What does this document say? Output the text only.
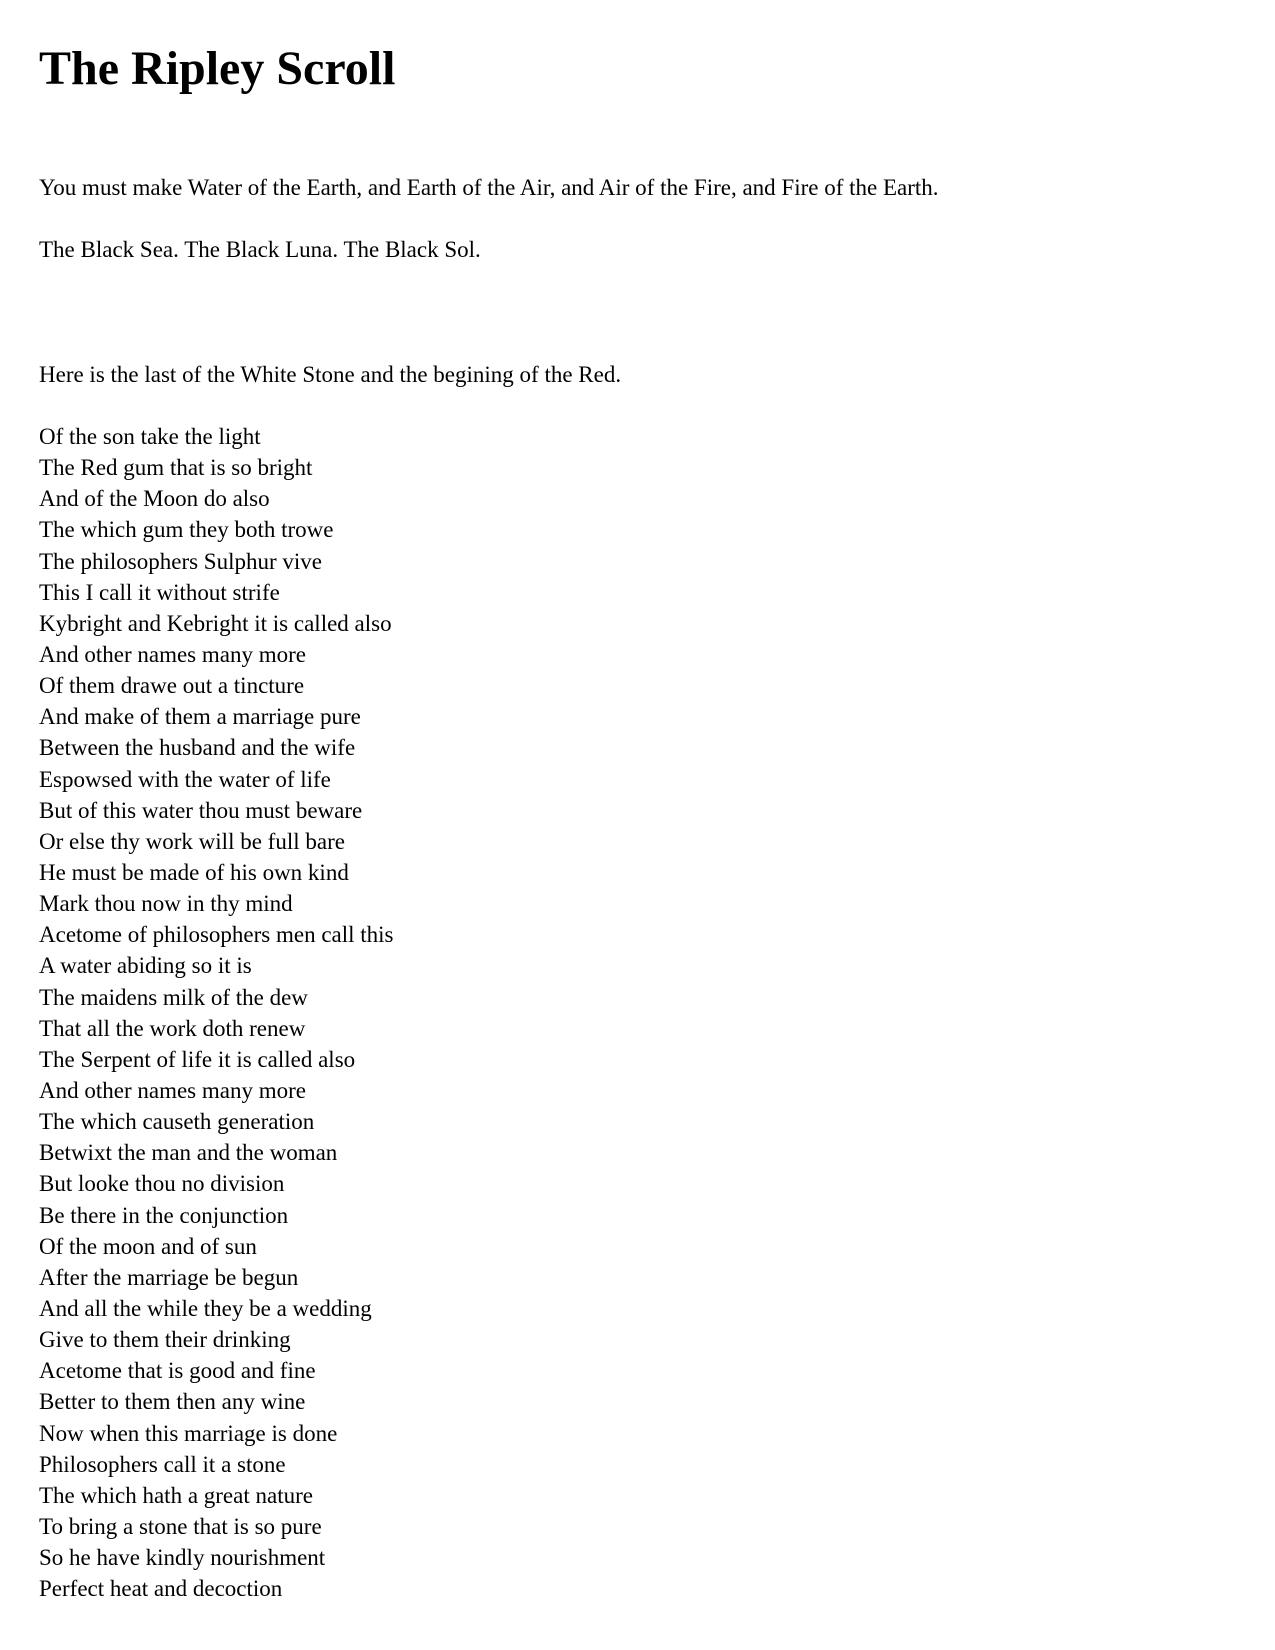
The Ripley Scroll

You must make Water of the Earth, and Earth of the Air, and Air of the Fire, and Fire of the Earth.

The Black Sea. The Black Luna. The Black Sol.

Here is the last of the White Stone and the begining of the Red.

Of the son take the light
The Red gum that is so bright
And of the Moon do also
The which gum they both trowe
The philosophers Sulphur vive
This I call it without strife
Kybright and Kebright it is called also
And other names many more
Of them drawe out a tincture
And make of them a marriage pure
Between the husband and the wife
Espowsed with the water of life
But of this water thou must beware
Or else thy work will be full bare
He must be made of his own kind
Mark thou now in thy mind
Acetome of philosophers men call this
A water abiding so it is
The maidens milk of the dew
That all the work doth renew
The Serpent of life it is called also
And other names many more
The which causeth generation
Betwixt the man and the woman
But looke thou no division
Be there in the conjunction
Of the moon and of sun
After the marriage be begun
And all the while they be a wedding
Give to them their drinking
Acetome that is good and fine
Better to them then any wine
Now when this marriage is done
Philosophers call it a stone
The which hath a great nature
To bring a stone that is so pure
So he have kindly nourishment
Perfect heat and decoction
